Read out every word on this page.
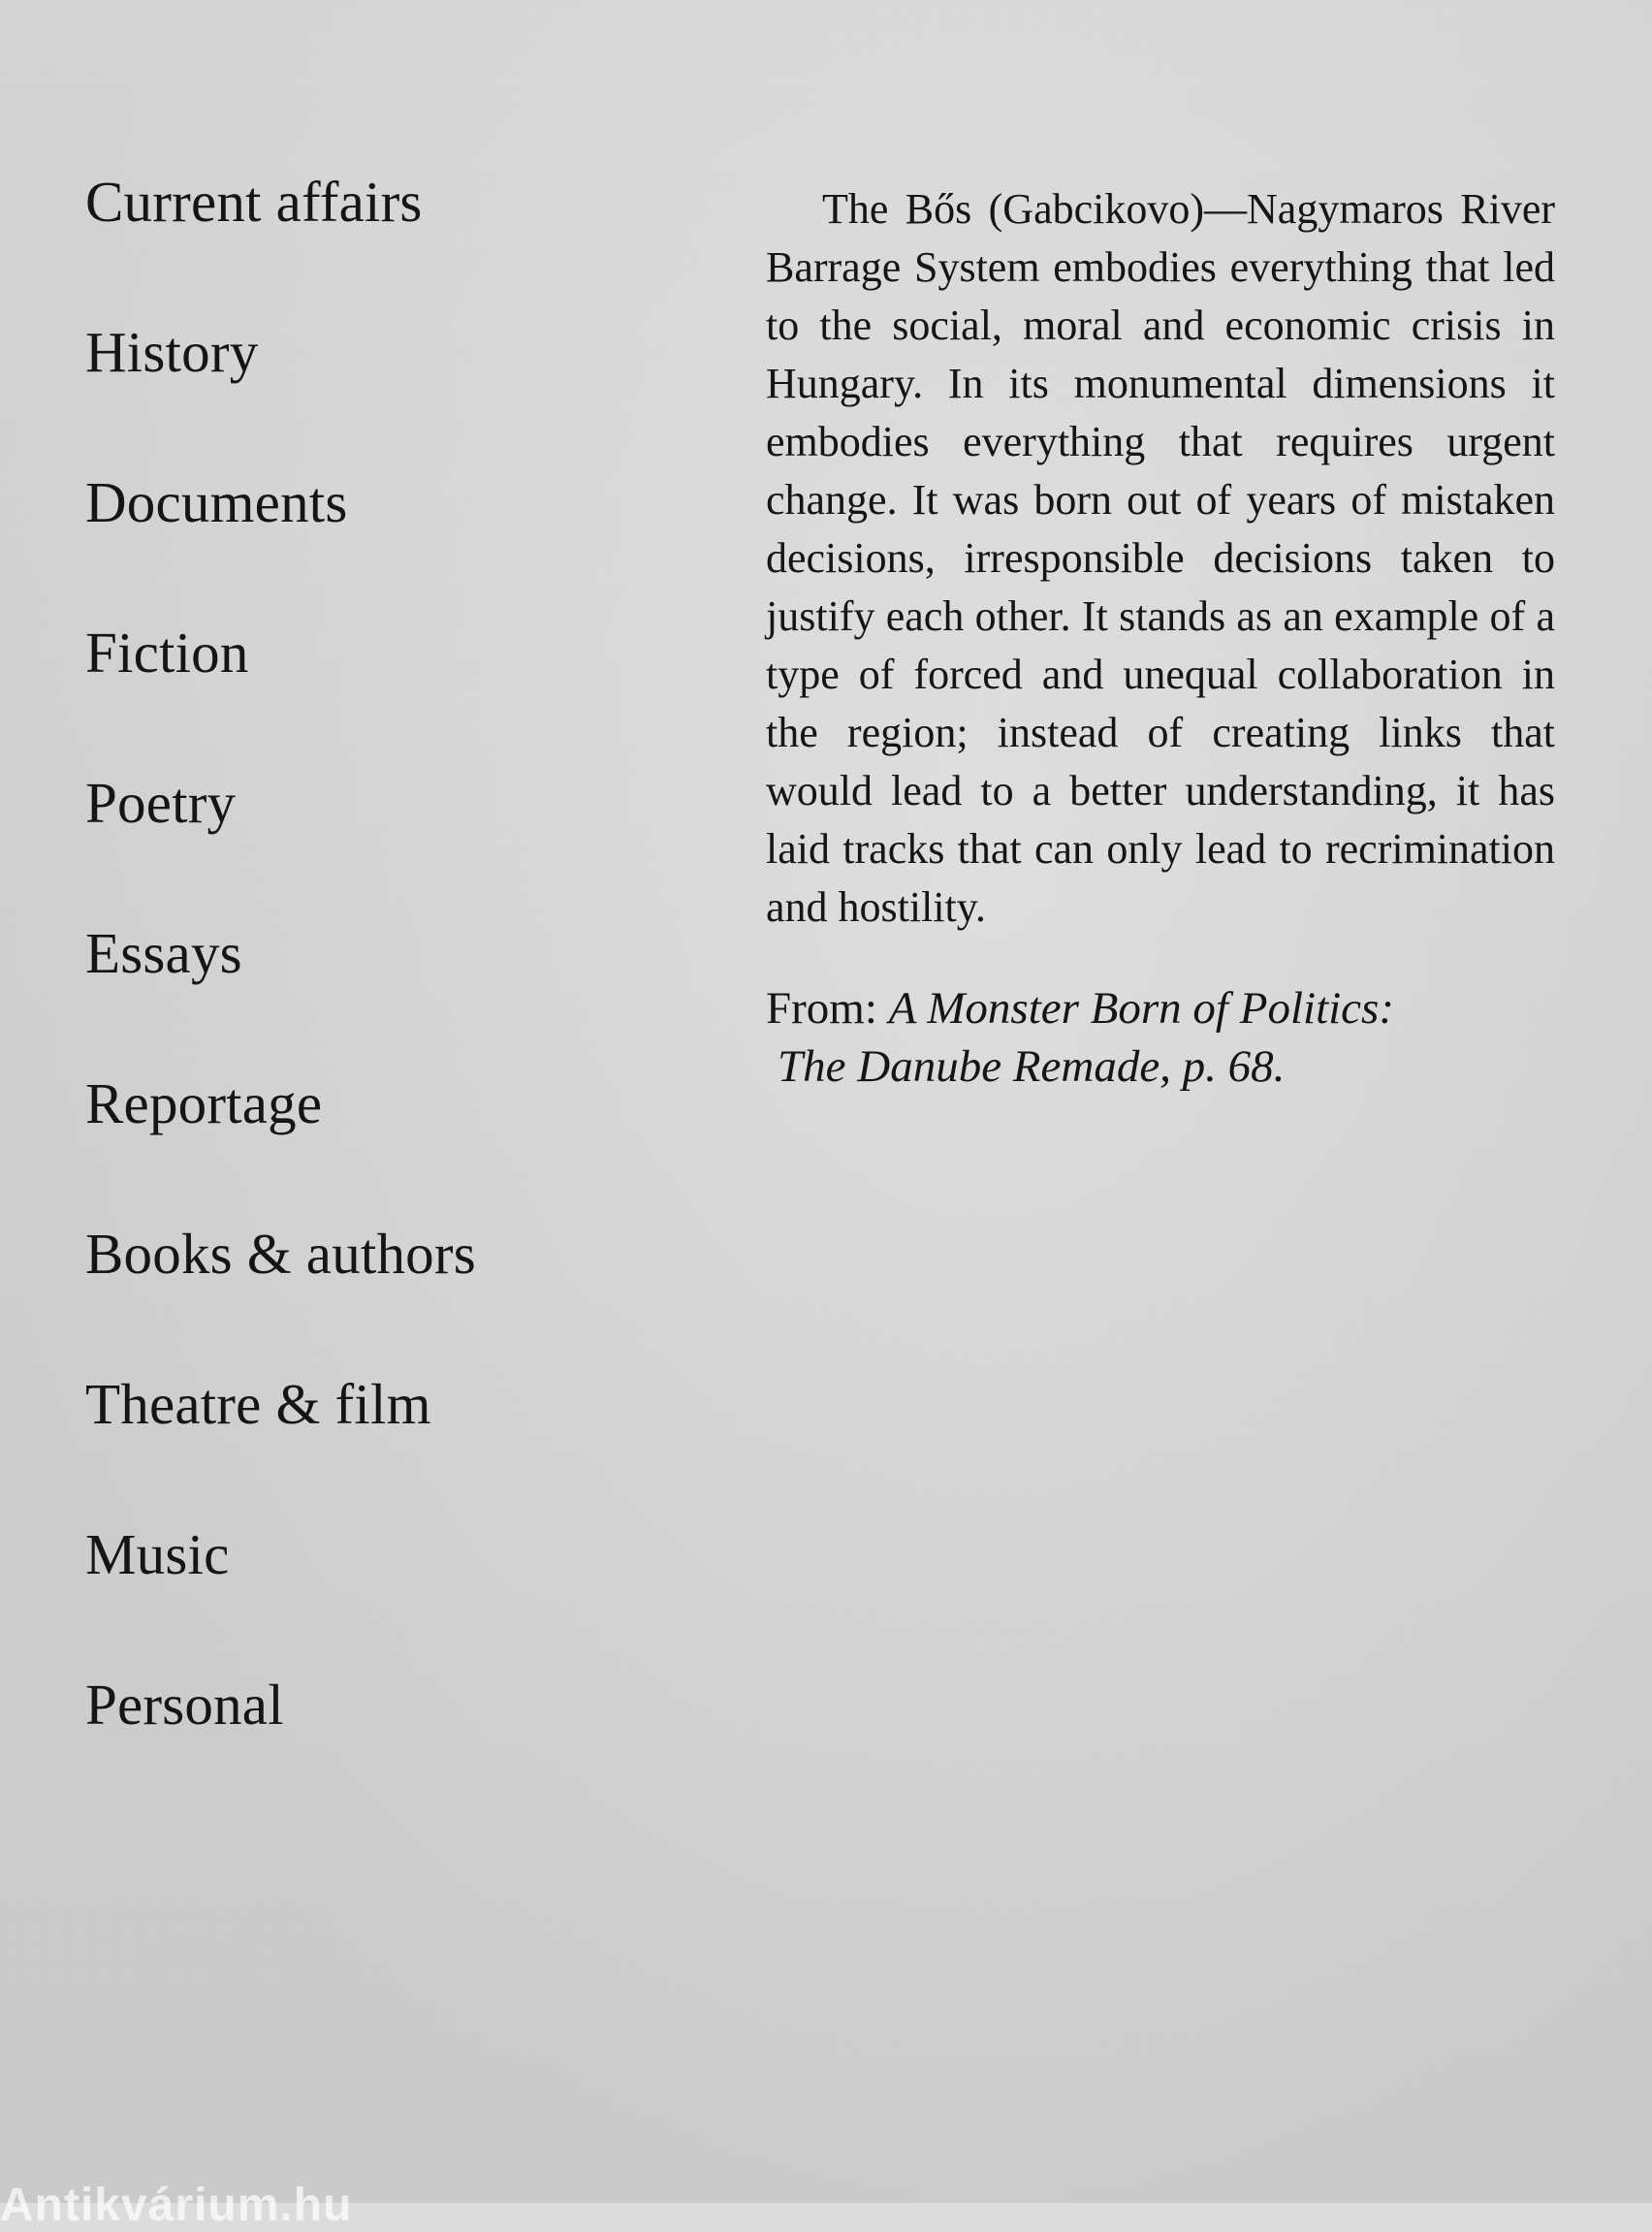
Current affairs
History
Documents
Fiction
Poetry
Essays
Reportage
Books & authors
Theatre & film
Music
Personal

The Bős (Gabcikovo)—Nagymaros River Barrage System embodies everything that led to the social, moral and economic crisis in Hungary. In its monumental dimensions it embodies everything that requires urgent change. It was born out of years of mistaken decisions, irresponsible decisions taken to justify each other. It stands as an example of a type of forced and unequal collaboration in the region; instead of creating links that would lead to a better understanding, it has laid tracks that can only lead to recrimination and hostility.

From: A Monster Born of Politics:
The Danube Remade, p. 68.
Antikvárium.hu
